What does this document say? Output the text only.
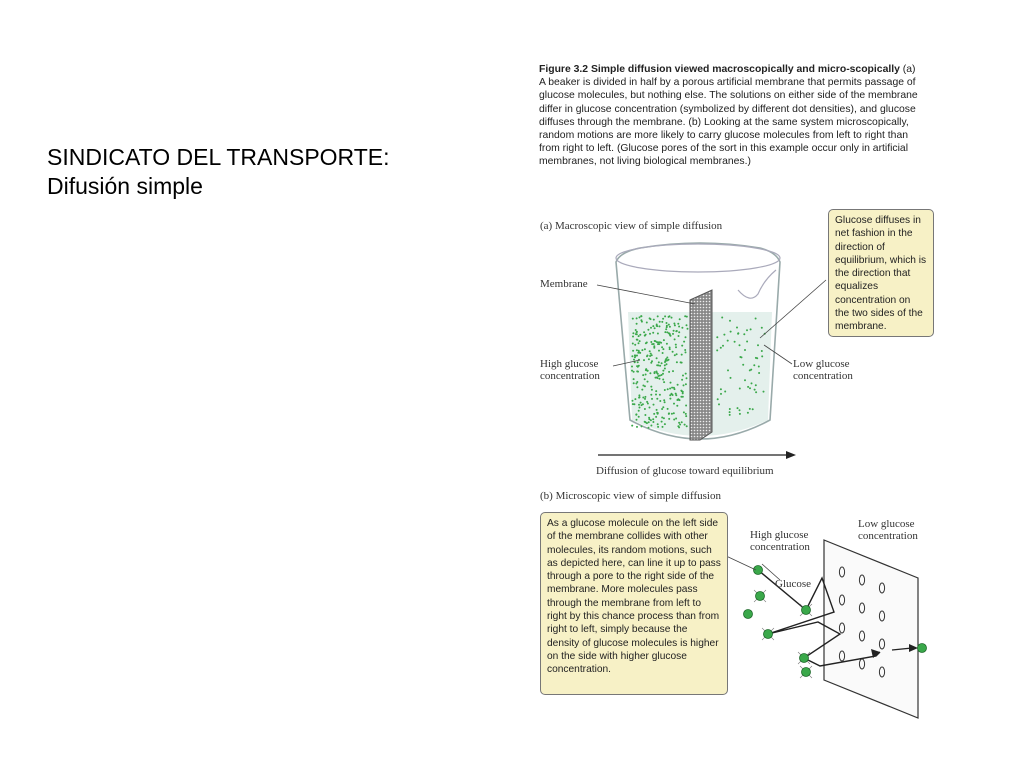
SINDICATO DEL TRANSPORTE:
Difusión simple
Figure 3.2 Simple diffusion viewed macroscopically and micro-scopically (a) A beaker is divided in half by a porous artificial membrane that permits passage of glucose molecules, but nothing else. The solutions on either side of the membrane differ in glucose concentration (symbolized by different dot densities), and glucose diffuses through the membrane. (b) Looking at the same system microscopically, random motions are more likely to carry glucose molecules from left to right than from right to left. (Glucose pores of the sort in this example occur only in artificial membranes, not living biological membranes.)
(a) Macroscopic view of simple diffusion
Membrane
High glucose
concentration
Low glucose
concentration
Diffusion of glucose toward equilibrium
Glucose diffuses in net fashion in the direction of equilibrium, which is the direction that equalizes concentration on the two sides of the membrane.
(b) Microscopic view of simple diffusion
As a glucose molecule on the left side of the membrane collides with other molecules, its random motions, such as depicted here, can line it up to pass through a pore to the right side of the membrane. More molecules pass through the membrane from left to right by this chance process than from right to left, simply because the density of glucose molecules is higher on the side with higher glucose concentration.
High glucose
concentration
Low glucose
concentration
Glucose
